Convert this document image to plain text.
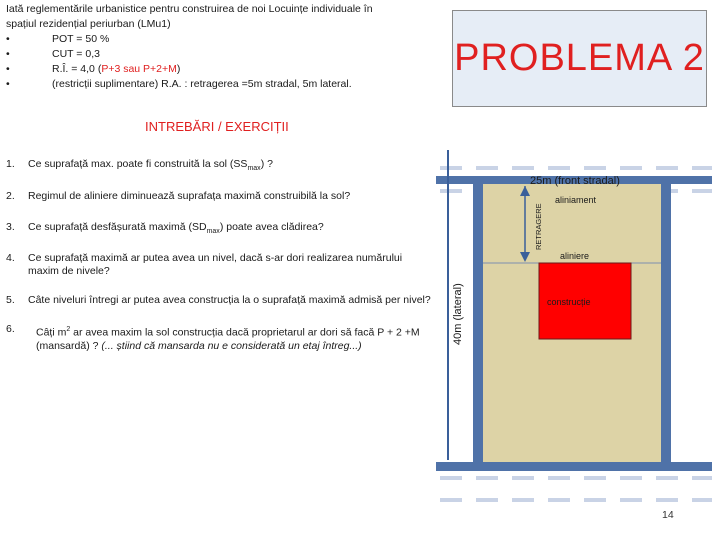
Iată reglementările urbanistice pentru construirea de noi Locuințe individuale în
spațiul rezidențial periurban (LMu1)
•	POT = 50 %
•	CUT = 0,3
•	R.Î. = 4,0 (P+3 sau P+2+M)
•	(restricții suplimentare) R.A. : retragerea =5m stradal, 5m lateral.
PROBLEMA 2
INTREBĂRI / EXERCIȚII
1.	Ce suprafață max. poate fi construită la sol $(SS_{max})$ ?
2.	Regimul de aliniere diminuează suprafața maximă construibilă la sol?
3.	Ce suprafață desfășurată maximă $(SD_{max})$ poate avea clădirea?
4.	Ce suprafață maximă ar putea avea un nivel, dacă s-ar dori realizarea numărului maxim de nivele?
5.	Câte niveluri întregi ar putea avea construcția la o suprafață maximă admisă per nivel?
6.	Câți $m^2$ ar avea maxim la sol construcția dacă proprietarul ar dori să facă P + 2 +M (mansardă) ? (... știind că mansarda nu e considerată un etaj întreg...)
25m (front stradal)
aliniament
aliniere
construcție
RETRAGERE
40m (lateral)
14
